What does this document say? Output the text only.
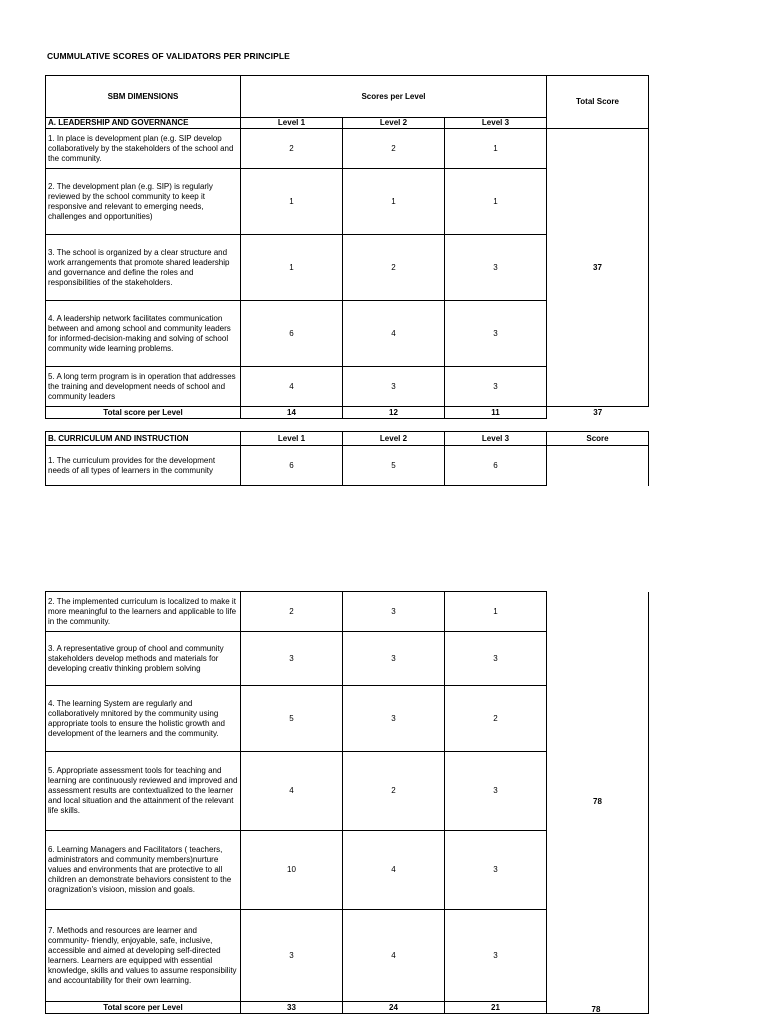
CUMMULATIVE SCORES OF VALIDATORS PER PRINCIPLE
SBM DIMENSIONS	Scores per Level			Total Score
A. LEADERSHIP AND GOVERNANCE	Level 1	Level 2	Level 3	
1. In place is development plan (e.g. SIP develop collaboratively by the stakeholders of the school and the community.	2	2	1	37
2. The development plan (e.g. SIP) is regularly reviewed by the school community to keep it responsive and relevant to emerging needs, challenges and opportunities)	1	1	1	
3. The school is organized by a clear structure and work arrangements that promote shared leadership and governance and define the roles and responsibilities of the stakeholders.	1	2	3	
4. A leadership network facilitates communication between and among school and community leaders for informed-decision-making and solving of school community wide learning problems.	6	4	3	
5. A long term program is in operation that addresses the training and development needs of school and community leaders	4	3	3	
Total score per Level	14	12	11	37

B. CURRICULUM AND INSTRUCTION	Level 1	Level 2	Level 3	Score
1. The curriculum provides for the development needs of all types of learners in the community	6	5	6	
2. The implemented curriculum is localized to make it more meaningful to the learners and applicable to life in the community.	2	3	1	78
3. A representative group of chool and community stakeholders develop methods and materials for developing creativ thinking problem solving	3	3	3	
4. The learning System are regularly and collaboratively mnitored by the community using appropriate tools to ensure the holistic growth and development of the learners and the community.	5	3	2	
5. Appropriate assessment tools for teaching and learning are continuously reviewed and improved and assessment results are contextualized to the learner and local situation and the attainment of the relevant life skills.	4	2	3	
6. Learning Managers and Facilitators ( teachers, administrators and community members)nurture values and environments that are protective to all children an demonstrate behaviors consistent to the oragnization's visioon, mission and goals.	10	4	3	
7. Methods and resources are learner and community- friendly, enjoyable, safe, inclusive, accessible and aimed at developing self-directed learners. Learners are equipped with essential knowledge, skills and values to assume responsibility and accountability for their own learning.	3	4	3	
Total score per Level	33	24	21		78
